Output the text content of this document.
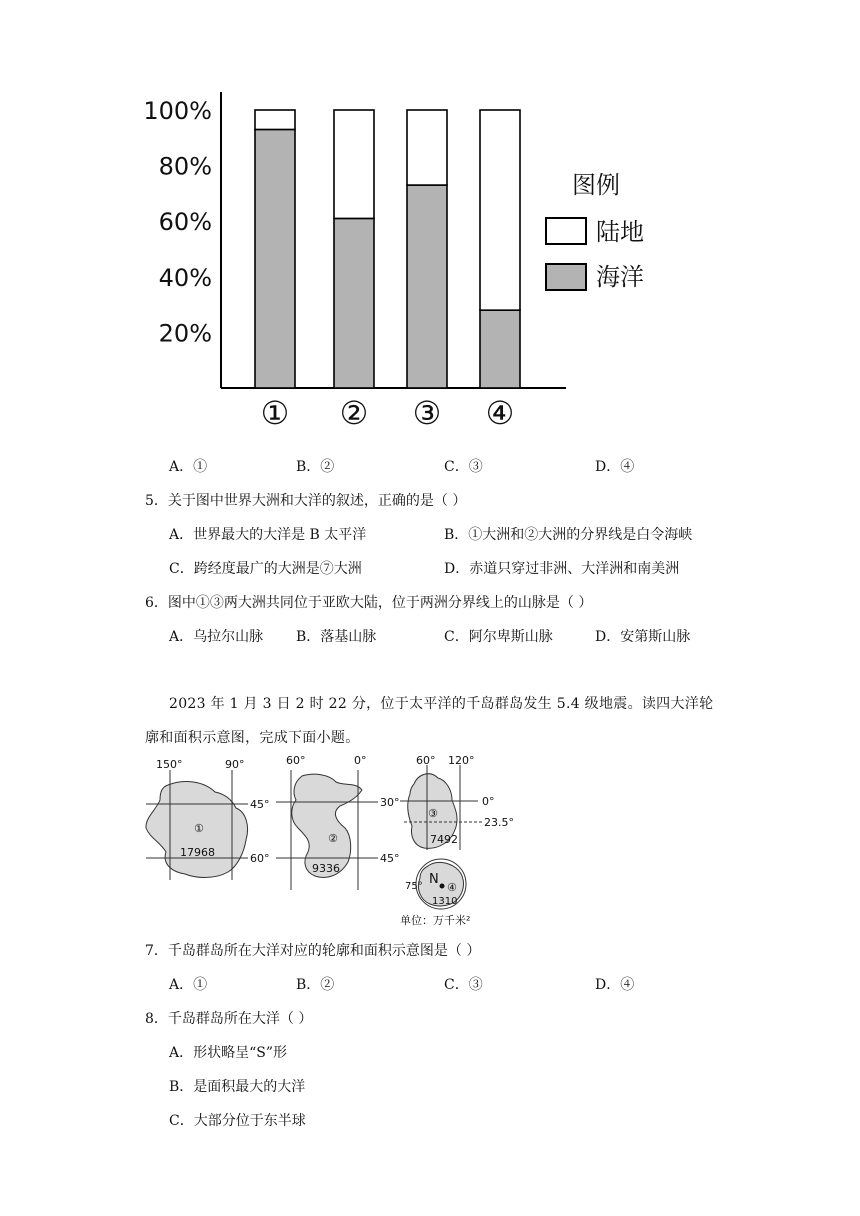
20%
40%
60%
80%
100%
① ② ③ ④
图例
陆地
海洋
A．①	B．②	C．③	D．④
5．关于图中世界大洲和大洋的叙述，正确的是（ ）
A．世界最大的大洋是 B 太平洋	B．①大洲和②大洲的分界线是白令海峡
C．跨经度最广的大洲是⑦大洲	D．赤道只穿过非洲、大洋洲和南美洲
6．图中①③两大洲共同位于亚欧大陆，位于两洲分界线上的山脉是（ ）
A．乌拉尔山脉 B．落基山脉	C．阿尔卑斯山脉	D．安第斯山脉
2023 年 1 月 3 日 2 时 22 分，位于太平洋的千岛群岛发生 5.4 级地震。读四大洋轮
廓和面积示意图，完成下面小题。
150°	90°
45°
60°
①
17968
60°	0°
30°
45°
②
9336
60° 120°
0°
23.5°
③
7492
N
④
1310
75°
单位：万千米²
7．千岛群岛所在大洋对应的轮廓和面积示意图是（ ）
A．①	B．②	C．③	D．④
8．千岛群岛所在大洋（ ）
A．形状略呈“S”形
B．是面积最大的大洋
C．大部分位于东半球
